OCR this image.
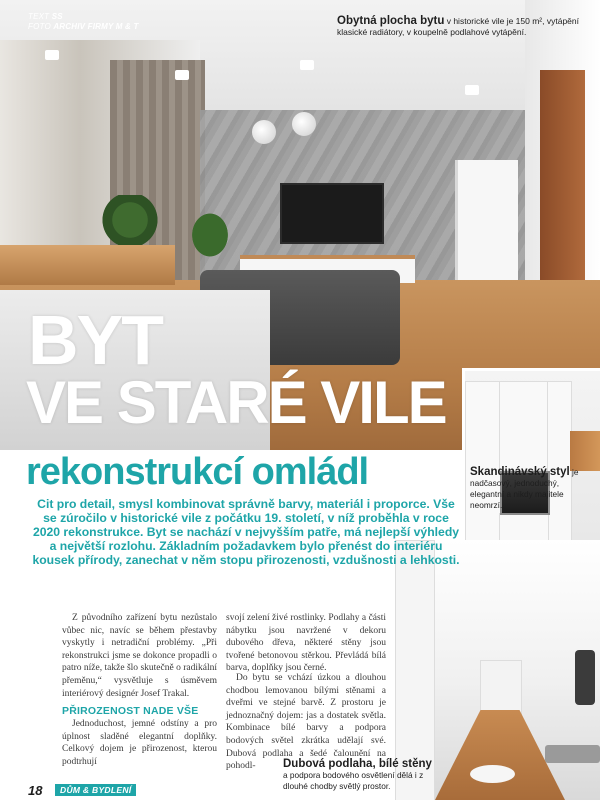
TEXT SS
FOTO ARCHIV FIRMY M & T	Obytná plocha bytu v historické vile je 150 m², vytápění klasické radiátory, v koupelně podlahové vytápění.
BYT
VE STARÉ VILE
rekonstrukcí omládl	Skandinávský styl je nadčasový, jednoduchý, elegantní a nikdy majitele neomrzí.
Cit pro detail, smysl kombinovat správně barvy, materiál i proporce. Vše se zúročilo v historické vile z počátku 19. století, v níž proběhla v roce 2020 rekonstrukce. Byt se nachází v nejvyšším patře, má nejlepší výhledy a největší rozlohu. Základním požadavkem bylo přenést do interiéru kousek přírody, zanechat v něm stopu přirozenosti, vzdušnosti a lehkosti.

Z původního zařízení bytu nezůstalo vůbec nic, navíc se během přestavby vyskytly i netradiční problémy. „Při rekonstrukci jsme se dokonce propadli o patro níže, takže šlo skutečně o radikální přeměnu,“ vysvětluje s úsměvem interiérový designér Josef Trakal.

PŘIROZENOST NADE VŠE

Jednoduchost, jemné odstíny a pro úplnost sladěné elegantní doplňky. Celkový dojem je přirozenost, kterou podtrhují

svojí zelení živé rostlinky. Podlahy a části nábytku jsou navržené v dekoru dubového dřeva, některé stěny jsou tvořené betonovou stěrkou. Převládá bílá barva, doplňky jsou černé.

Do bytu se vchází úzkou a dlouhou chodbou lemovanou bílými stěnami a dveřmi ve stejné barvě. Z prostoru je jednoznačný dojem: jas a dostatek světla. Kombinace bílé barvy a podpora bodových světel zkrátka udělají své. Dubová podlaha a šedé čalounění na pohodl-	Dubová podlaha, bílé stěny
a podpora bodového osvětlení dělá i z dlouhé chodby světlý prostor.
18	DŮM & BYDLENÍ
